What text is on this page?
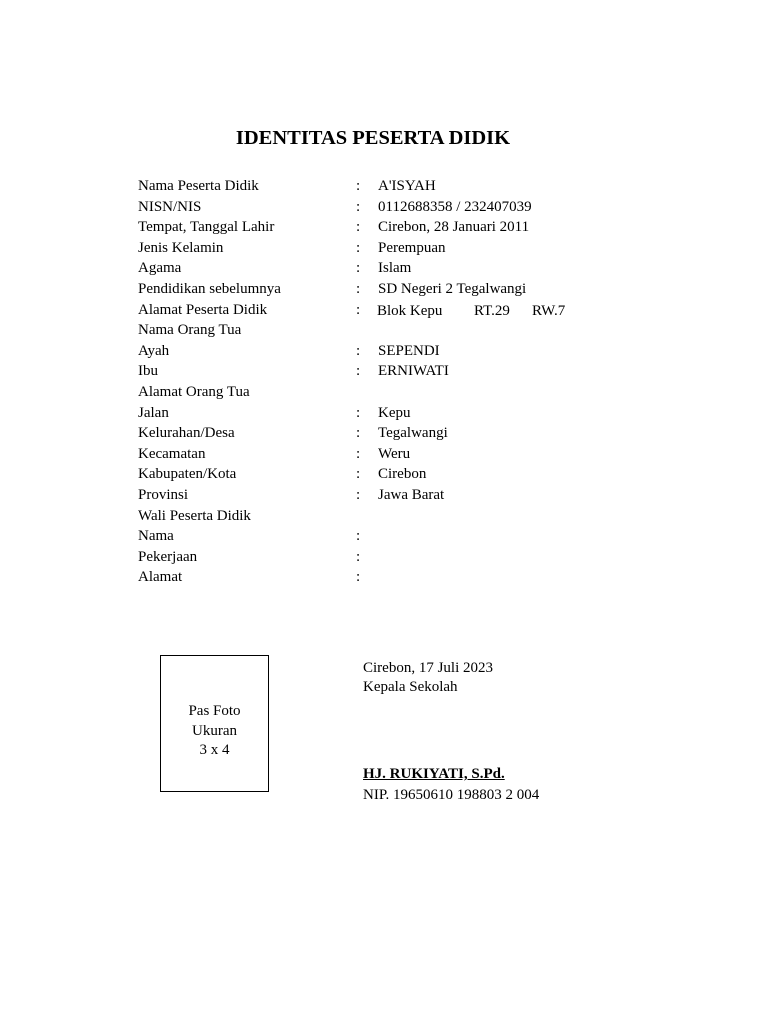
IDENTITAS PESERTA DIDIK
Nama Peserta Didik	: A'ISYAH
NISN/NIS	: 0112688358 / 232407039
Tempat, Tanggal Lahir	: Cirebon, 28 Januari 2011
Jenis Kelamin	: Perempuan
Agama	: Islam
Pendidikan sebelumnya	: SD Negeri 2 Tegalwangi
Alamat Peserta Didik	: Blok Kepu RT.29 RW.7
Nama Orang Tua
Ayah	: SEPENDI
Ibu	: ERNIWATI
Alamat Orang Tua
Jalan	: Kepu
Kelurahan/Desa	: Tegalwangi
Kecamatan	: Weru
Kabupaten/Kota	: Cirebon
Provinsi	: Jawa Barat
Wali Peserta Didik
Nama	:
Pekerjaan	:
Alamat	:
Pas Foto
Ukuran
3 x 4
Cirebon, 17 Juli 2023
Kepala Sekolah
HJ. RUKIYATI, S.Pd.
NIP. 19650610 198803 2 004
